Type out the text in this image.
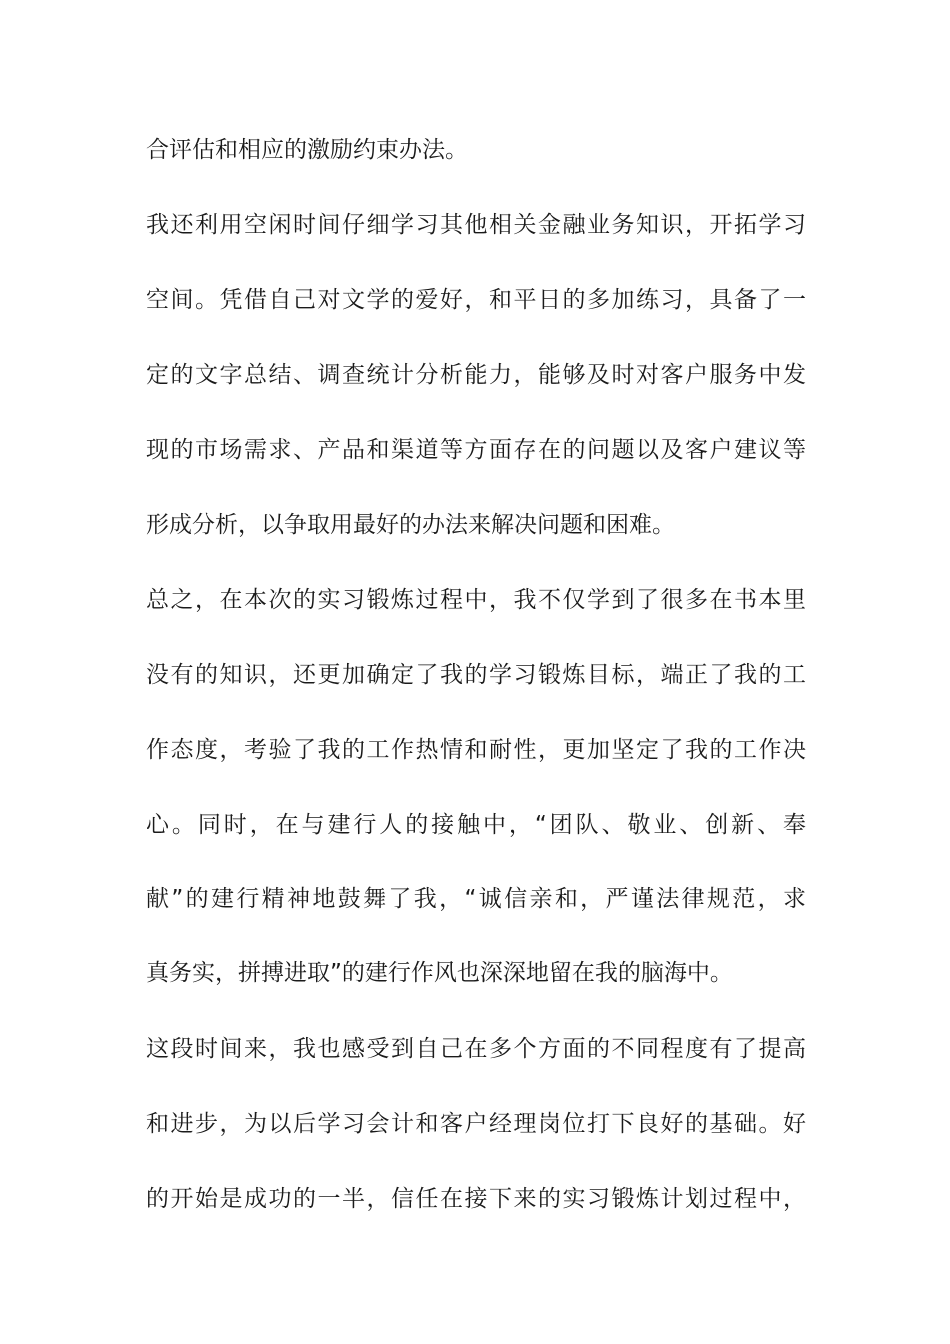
合评估和相应的激励约束办法。
我还利用空闲时间仔细学习其他相关金融业务知识，开拓学习
空间。凭借自己对文学的爱好，和平日的多加练习，具备了一
定的文字总结、调查统计分析能力，能够及时对客户服务中发
现的市场需求、产品和渠道等方面存在的问题以及客户建议等
形成分析，以争取用最好的办法来解决问题和困难。
总之，在本次的实习锻炼过程中，我不仅学到了很多在书本里
没有的知识，还更加确定了我的学习锻炼目标，端正了我的工
作态度，考验了我的工作热情和耐性，更加坚定了我的工作决
心。同时，在与建行人的接触中，“团队、敬业、创新、奉
献”的建行精神地鼓舞了我，“诚信亲和，严谨法律规范，求
真务实，拼搏进取”的建行作风也深深地留在我的脑海中。
这段时间来，我也感受到自己在多个方面的不同程度有了提高
和进步，为以后学习会计和客户经理岗位打下良好的基础。好
的开始是成功的一半，信任在接下来的实习锻炼计划过程中，
